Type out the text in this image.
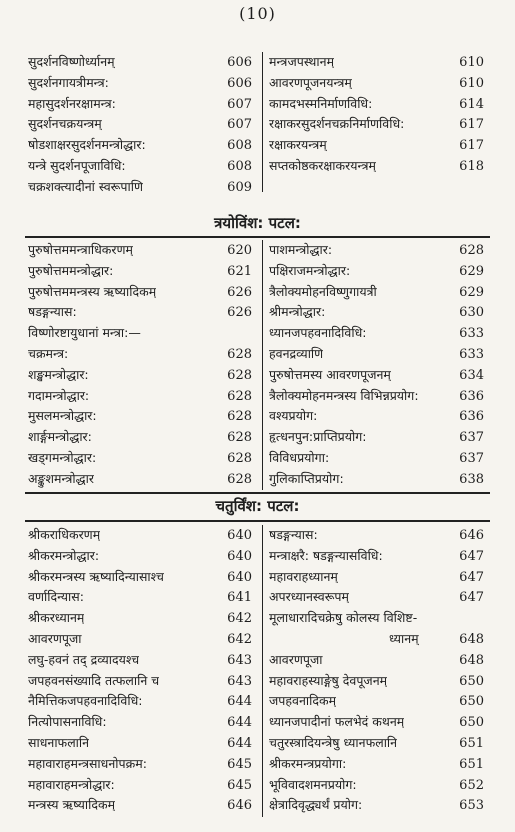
(10)
सुदर्शनविष्णोर्ध्यानम्	606
सुदर्शनगायत्रीमन्त्र:	606
महासुदर्शनरक्षामन्त्र:	607
सुदर्शनचक्रयन्त्रम्	607
षोडशाक्षरसुदर्शनमन्त्रोद्धार:	608
यन्त्रे सुदर्शनपूजाविधि:	608
चक्रशक्त्यादीनां स्वरूपाणि	609
मन्त्रजपस्थानम्	610
आवरणपूजनयन्त्रम्	610
कामदभस्मनिर्माणविधि:	614
रक्षाकरसुदर्शनचक्रनिर्माणविधि:	617
रक्षाकरयन्त्रम्	617
सप्तकोष्ठकरक्षाकरयन्त्रम्	618
त्रयोविंश: पटल:
पुरुषोत्तममन्त्राधिकरणम्	620
पुरुषोत्तममन्त्रोद्धार:	621
पुरुषोत्तममन्त्रस्य ऋष्यादिकम्	626
षडङ्गन्यास:	626
विष्णोरष्टायुधानां मन्त्रा:—
चक्रमन्त्र:	628
शङ्खमन्त्रोद्धार:	628
गदामन्त्रोद्धार:	628
मुसलमन्त्रोद्धार:	628
शार्ङ्गमन्त्रोद्धार:	628
खड्गमन्त्रोद्धार:	628
अङ्कुशमन्त्रोद्धार	628
पाशमन्त्रोद्धार:	628
पक्षिराजमन्त्रोद्धार:	629
त्रैलोक्यमोहनविष्णुगायत्री	629
श्रीमन्त्रोद्धार:	630
ध्यानजपहवनादिविधि:	633
हवनद्रव्याणि	633
पुरुषोत्तमस्य आवरणपूजनम्	634
त्रैलोक्यमोहनमन्त्रस्य विभिन्नप्रयोग:	636
वश्यप्रयोग:	636
हृत्धनपुन:प्राप्तिप्रयोग:	637
विविधप्रयोगा:	637
गुलिकाप्तिप्रयोग:	638
चतुर्विंश: पटल:
श्रीकराधिकरणम्	640
श्रीकरमन्त्रोद्धार:	640
श्रीकरमन्त्रस्य ऋष्यादिन्यासाश्च	640
वर्णादिन्यास:	641
श्रीकरध्यानम्	642
आवरणपूजा	642
लघु-हवनं तद् द्रव्यादयश्च	643
जपहवनसंख्यादि तत्फलानि च	643
नैमित्तिकजपहवनादिविधि:	644
नित्योपासनाविधि:	644
साधनाफलानि	644
महावाराहमन्त्रसाधनोपक्रम:	645
महावाराहमन्त्रोद्धार:	645
मन्त्रस्य ऋष्यादिकम्	646
षडङ्गन्यास:	646
मन्त्राक्षरै: षडङ्गन्यासविधि:	647
महावराहध्यानम्	647
अपरध्यानस्वरूपम्	647
मूलाधारादिचक्रेषु कोलस्य विशिष्ट-
ध्यानम्	648
आवरणपूजा	648
महावराहस्याङ्गेषु देवपूजनम्	650
जपहवनादिकम्	650
ध्यानजपादीनां फलभेदं कथनम्	650
चतुरस्त्रादियन्त्रेषु ध्यानफलानि	651
श्रीकरमन्त्रप्रयोगा:	651
भूविवादशमनप्रयोग:	652
क्षेत्रादिवृद्ध्यर्थं प्रयोग:	653
